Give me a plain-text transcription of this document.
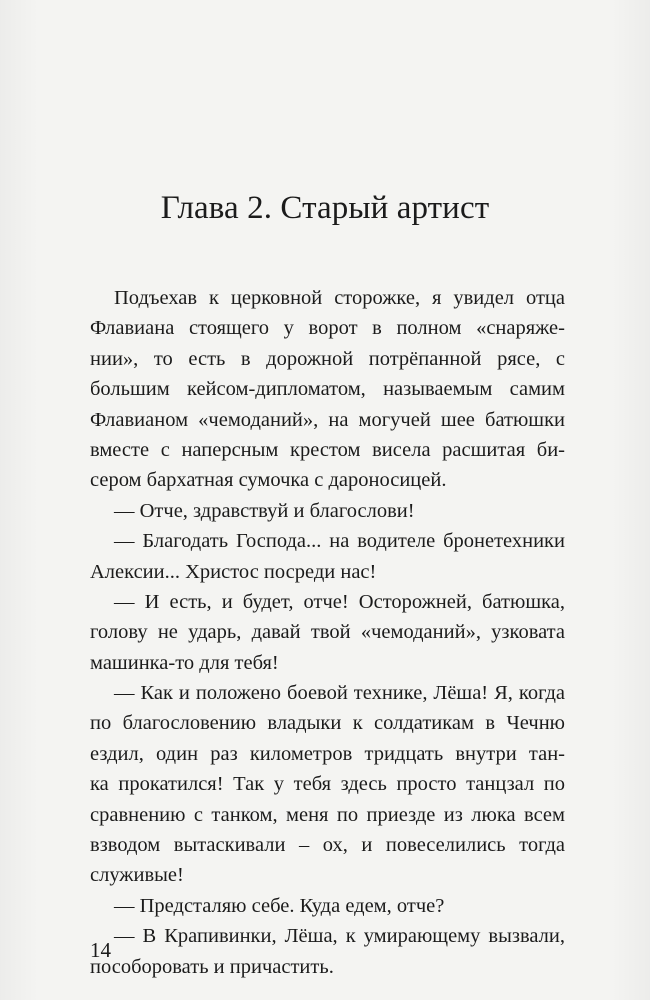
Глава 2. Старый артист
Подъехав к церковной сторожке, я увидел отца
Флавиана стоящего у ворот в полном «снаряже-
нии», то есть в дорожной потрёпанной рясе, с
большим кейсом-дипломатом, называемым самим
Флавианом «чемоданий», на могучей шее батюшки
вместе с наперсным крестом висела расшитая би-
сером бархатная сумочка с дароносицей.
— Отче, здравствуй и благослови!
— Благодать Господа... на водителе бронетехники
Алексии... Христос посреди нас!
— И есть, и будет, отче! Осторожней, батюшка,
голову не ударь, давай твой «чемоданий», узковата
машинка-то для тебя!
— Как и положено боевой технике, Лёша! Я, когда
по благословению владыки к солдатикам в Чечню
ездил, один раз километров тридцать внутри тан-
ка прокатился! Так у тебя здесь просто танцзал по
сравнению с танком, меня по приезде из люка всем
взводом вытаскивали – ох, и повеселились тогда
служивые!
— Предсталяю себе. Куда едем, отче?
— В Крапивинки, Лёша, к умирающему вызвали,
пособоровать и причастить.
14
